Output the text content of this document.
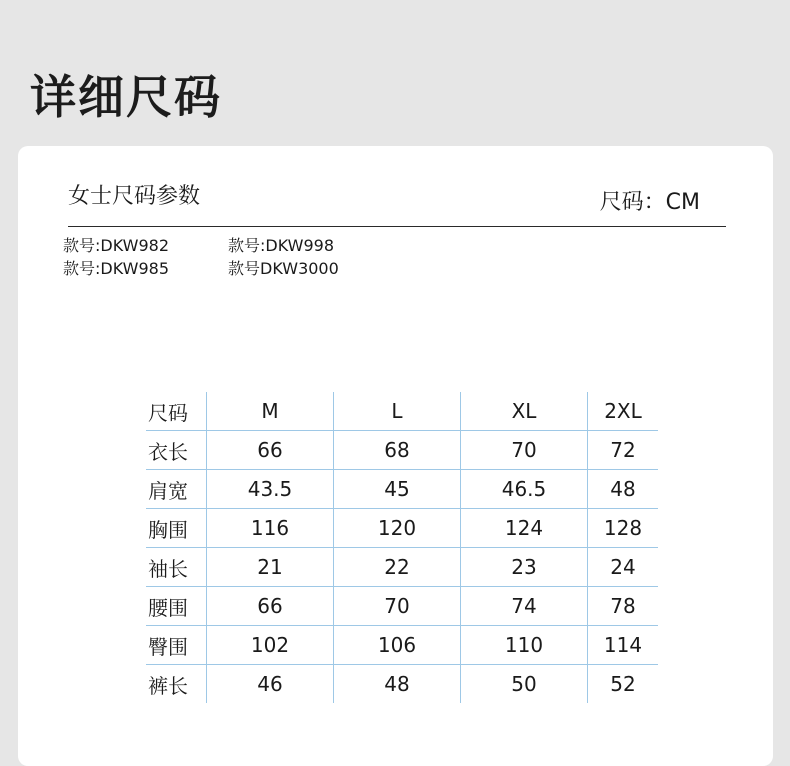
详细尺码
女士尺码参数	尺码：CM
款号:DKW982	款号:DKW998
款号:DKW985	款号DKW3000
尺码	M	L	XL	2XL
衣长	66	68	70	72
肩宽	43.5	45	46.5	48
胸围	116	120	124	128
袖长	21	22	23	24
腰围	66	70	74	78
臀围	102	106	110	114
裤长	46	48	50	52
